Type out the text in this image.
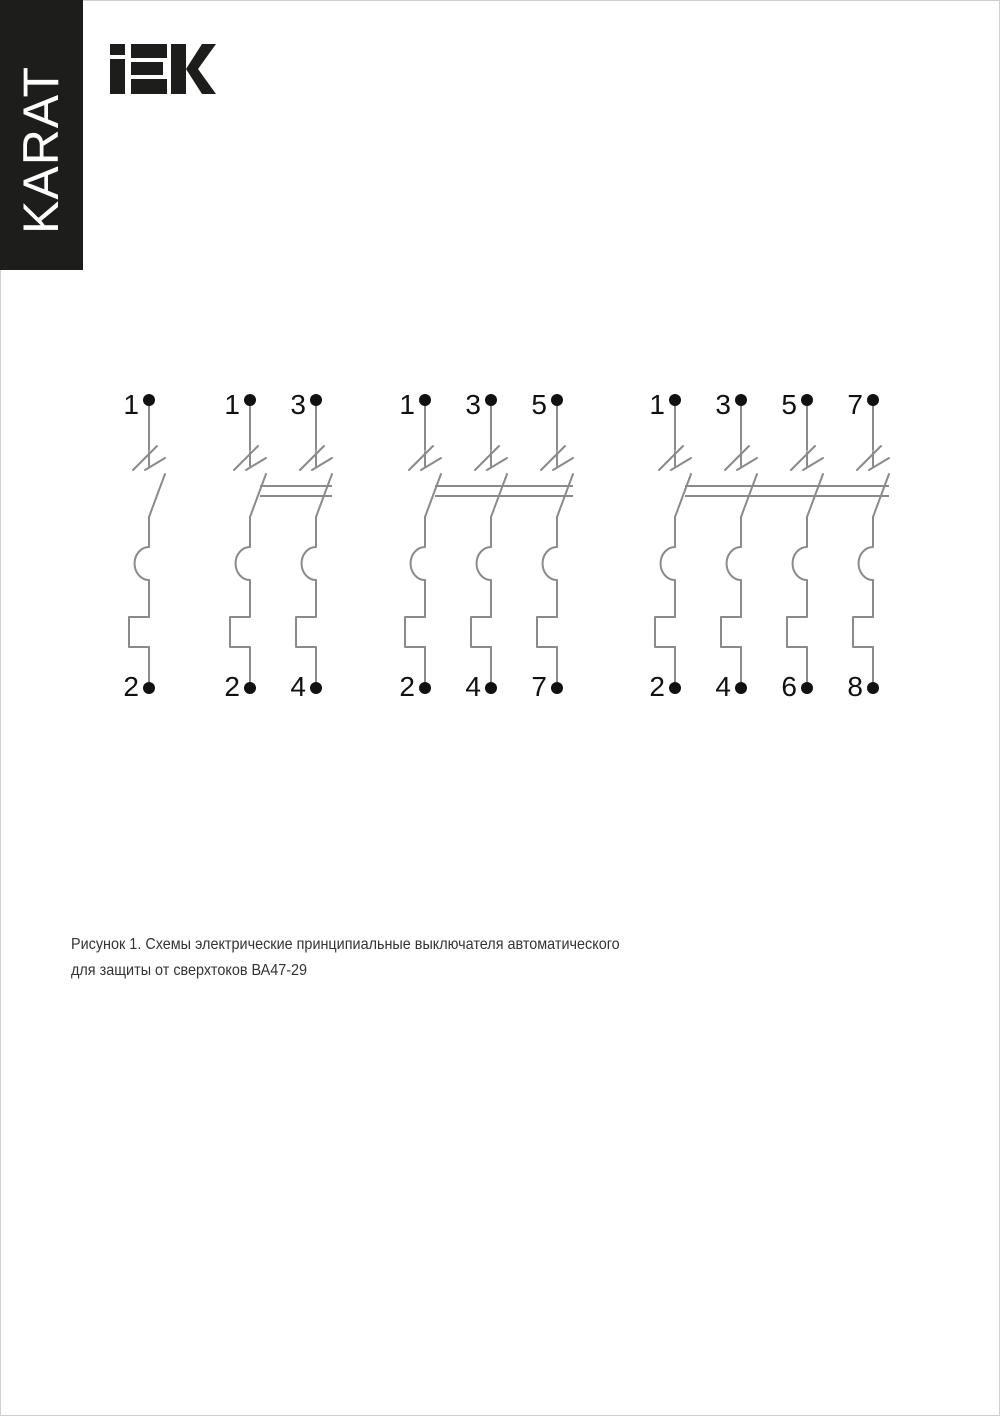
KARAT
1
2
1
2
3
4
1
2
3
4
5
7
1
2
3
4
5
6
7
8
Рисунок 1. Схемы электрические принципиальные выключателя автоматического
для защиты от сверхтоков ВА47-29
